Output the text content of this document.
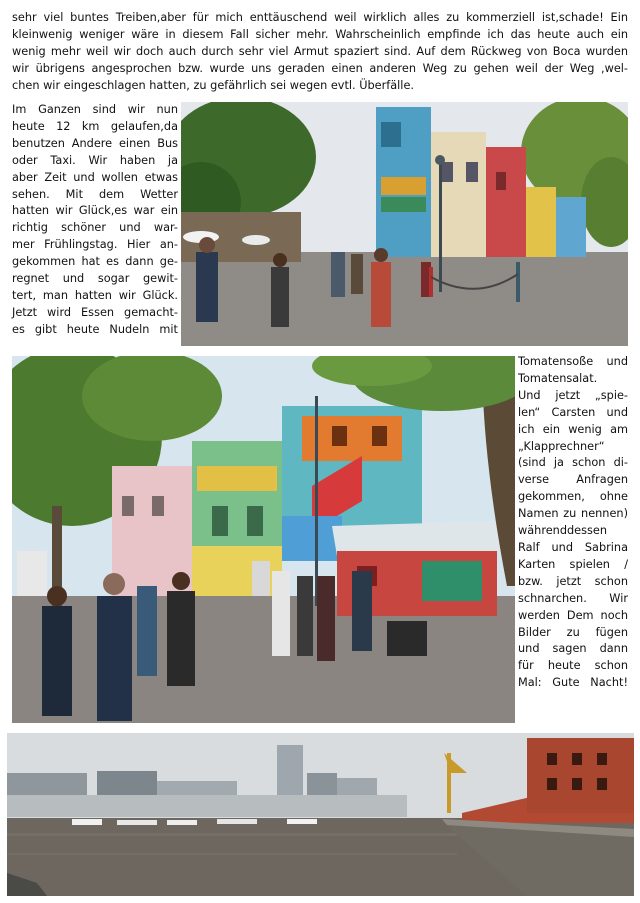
sehr viel buntes Treiben,aber für mich enttäuschend weil wirklich alles zu kommerziell ist,schade! Ein
kleinwenig weniger wäre in diesem Fall sicher mehr. Wahrscheinlich empfinde ich das heute auch ein
wenig mehr weil wir doch auch durch sehr viel Armut spaziert sind. Auf dem Rückweg von Boca wurden
wir übrigens angesprochen bzw. wurde uns geraden einen anderen Weg zu gehen weil der Weg ,wel-
chen wir eingeschlagen hatten, zu gefährlich sei wegen evtl. Überfälle.
Im Ganzen sind wir nun
heute 12 km gelaufen,da
benutzen Andere einen Bus
oder Taxi. Wir haben ja
aber Zeit und wollen etwas
sehen. Mit dem Wetter
hatten wir Glück,es war ein
richtig schöner und war-
mer Frühlingstag. Hier an-
gekommen hat es dann ge-
regnet und sogar gewit-
tert, man hatten wir Glück.
Jetzt wird Essen gemacht-
es gibt heute Nudeln mit
Tomatensoße und
Tomatensalat.
Und jetzt „spie-
len“ Carsten und
ich ein wenig am
„Klapprechner“
(sind ja schon di-
verse Anfragen
gekommen, ohne
Namen zu nennen)
währenddessen
Ralf und Sabrina
Karten spielen /
bzw. jetzt schon
schnarchen. Wir
werden Dem noch
Bilder zu fügen
und sagen dann
für heute schon
Mal: Gute Nacht!
